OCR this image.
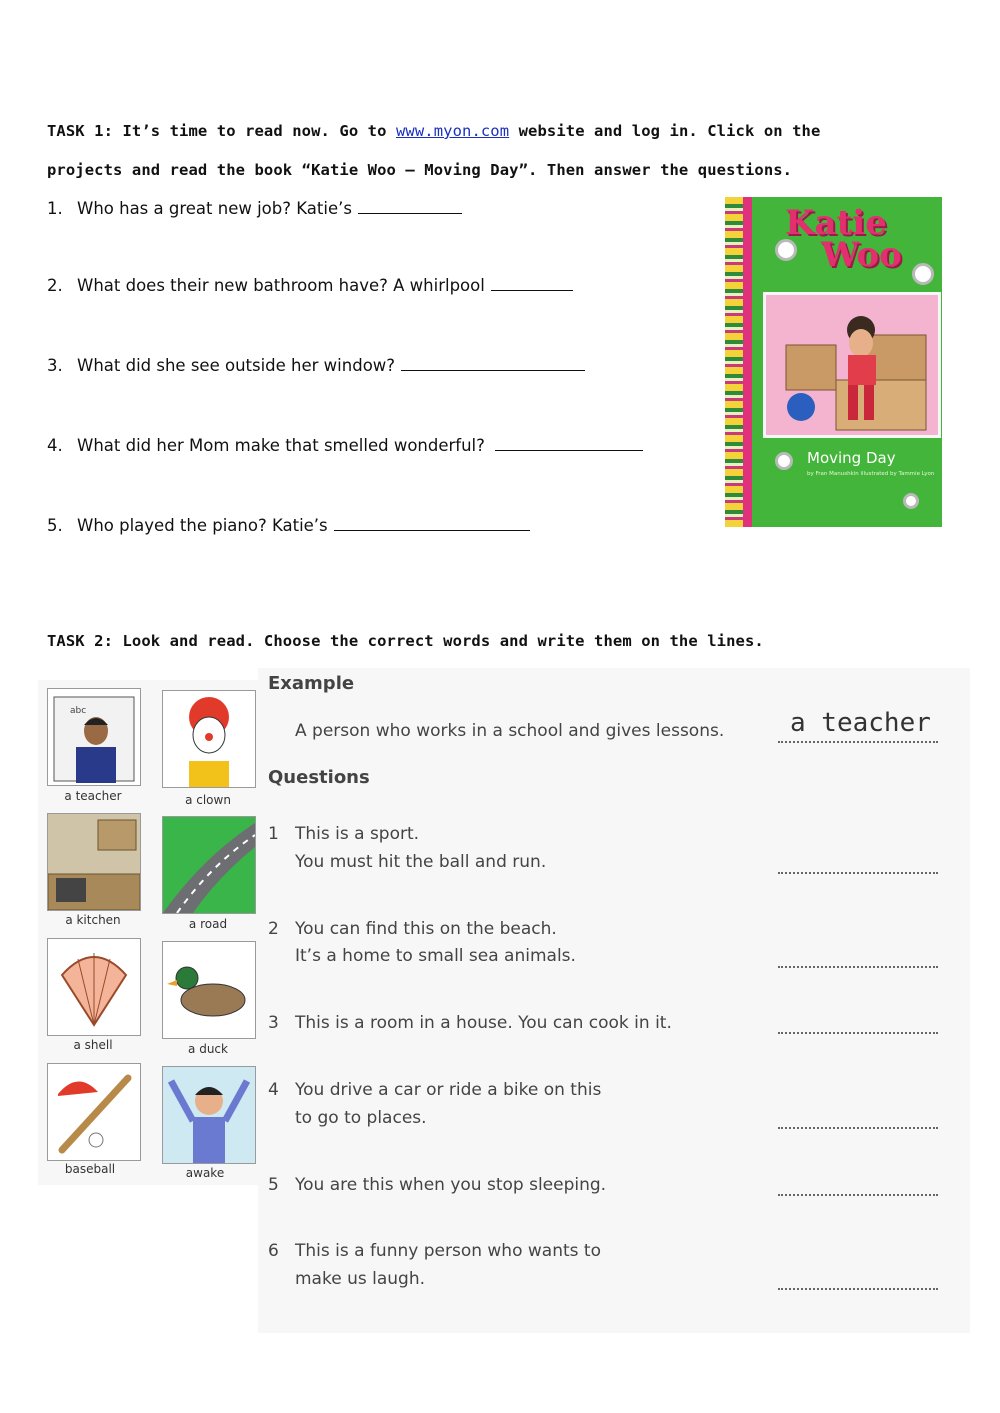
TASK 1: It’s time to read now. Go to www.myon.com website and log in. Click on the
projects and read the book “Katie Woo – Moving Day”. Then answer the questions.
1. Who has a great new job? Katie’s
2. What does their new bathroom have? A whirlpool
3. What did she see outside her window?
4. What did her Mom make that smelled wonderful?
5. Who played the piano? Katie’s
Katie
Woo
Moving Day
by Fran Manushkin illustrated by Tammie Lyon
TASK 2: Look and read. Choose the correct words and write them on the lines.
abc
a teacher	a clown
a kitchen	a road
a shell	a duck
baseball	awake
Example
A person who works in a school and gives lessons.	a teacher
Questions
1 This is a sport.
You must hit the ball and run.
2 You can find this on the beach.
It’s a home to small sea animals.
3 This is a room in a house. You can cook in it.
4 You drive a car or ride a bike on this
to go to places.
5 You are this when you stop sleeping.
6 This is a funny person who wants to
make us laugh.
